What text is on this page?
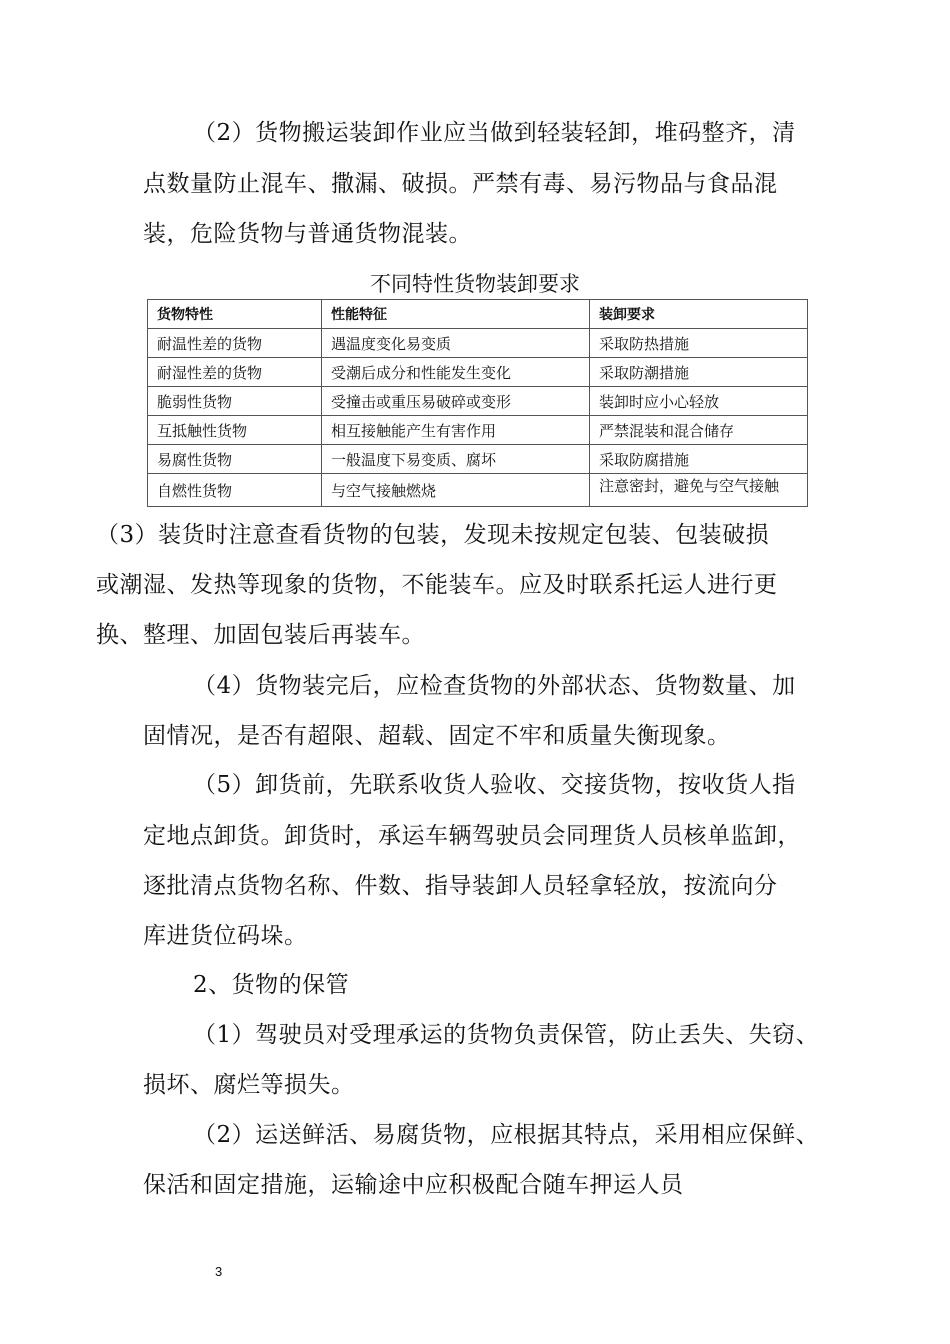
（2）货物搬运装卸作业应当做到轻装轻卸，堆码整齐，清
点数量防止混车、撒漏、破损。严禁有毒、易污物品与食品混
装，危险货物与普通货物混装。
不同特性货物装卸要求
货物特性	性能特征	装卸要求
耐温性差的货物	遇温度变化易变质	采取防热措施
耐湿性差的货物	受潮后成分和性能发生变化	采取防潮措施
脆弱性货物	受撞击或重压易破碎或变形	装卸时应小心轻放
互抵触性货物	相互接触能产生有害作用	严禁混装和混合储存
易腐性货物	一般温度下易变质、腐坏	采取防腐措施
自燃性货物	与空气接触燃烧	注意密封，避免与空气接触
（3）装货时注意查看货物的包装，发现未按规定包装、包装破损
或潮湿、发热等现象的货物，不能装车。应及时联系托运人进行更
换、整理、加固包装后再装车。
（4）货物装完后，应检查货物的外部状态、货物数量、加
固情况，是否有超限、超载、固定不牢和质量失衡现象。
（5）卸货前，先联系收货人验收、交接货物，按收货人指
定地点卸货。卸货时，承运车辆驾驶员会同理货人员核单监卸，
逐批清点货物名称、件数、指导装卸人员轻拿轻放，按流向分
库进货位码垛。
2、货物的保管
（1）驾驶员对受理承运的货物负责保管，防止丢失、失窃、
损坏、腐烂等损失。
（2）运送鲜活、易腐货物，应根据其特点，采用相应保鲜、
保活和固定措施，运输途中应积极配合随车押运人员
3
